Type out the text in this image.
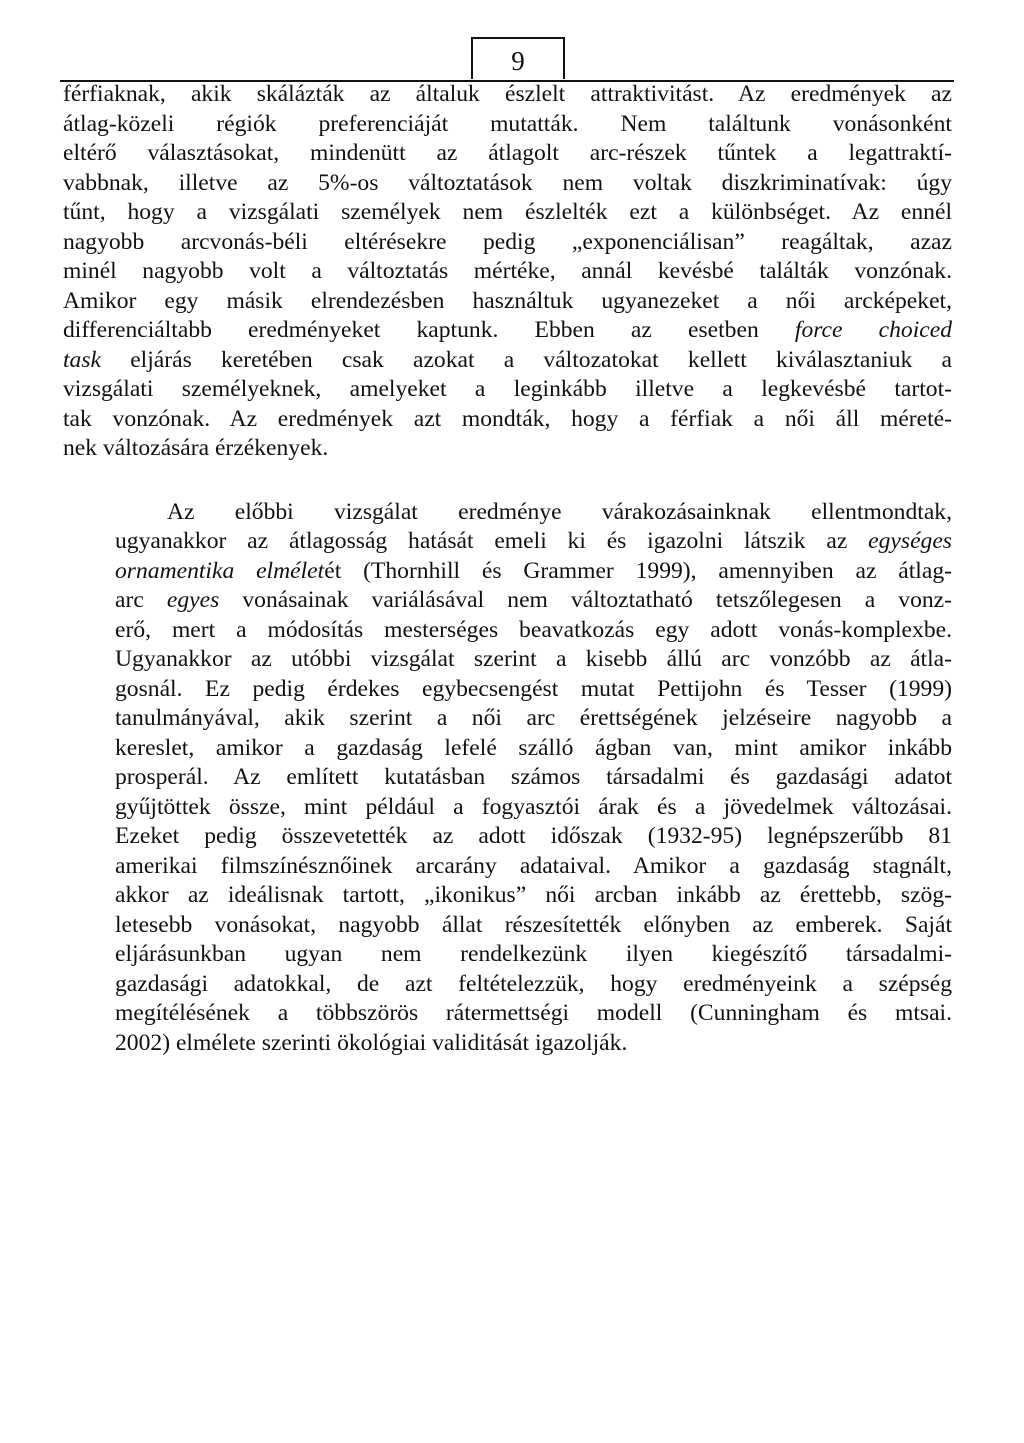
9

férfiaknak, akik skálázták az általuk észlelt attraktivitást. Az eredmények az
átlag-közeli régiók preferenciáját mutatták. Nem találtunk vonásonként
eltérő választásokat, mindenütt az átlagolt arc-részek tűntek a legattraktí-
vabbnak, illetve az 5%-os változtatások nem voltak diszkriminatívak: úgy
tűnt, hogy a vizsgálati személyek nem észlelték ezt a különbséget. Az ennél
nagyobb arcvonás-béli eltérésekre pedig „exponenciálisan” reagáltak, azaz
minél nagyobb volt a változtatás mértéke, annál kevésbé találták vonzónak.
Amikor egy másik elrendezésben használtuk ugyanezeket a női arcképeket,
differenciáltabb eredményeket kaptunk. Ebben az esetben force choiced
task eljárás keretében csak azokat a változatokat kellett kiválasztaniuk a
vizsgálati személyeknek, amelyeket a leginkább illetve a legkevésbé tartot-
tak vonzónak. Az eredmények azt mondták, hogy a férfiak a női áll méreté-
nek változására érzékenyek.

Az előbbi vizsgálat eredménye várakozásainknak ellentmondtak,
ugyanakkor az átlagosság hatását emeli ki és igazolni látszik az egységes
ornamentika elméletét (Thornhill és Grammer 1999), amennyiben az átlag-
arc egyes vonásainak variálásával nem változtatható tetszőlegesen a vonz-
erő, mert a módosítás mesterséges beavatkozás egy adott vonás-komplexbe.
Ugyanakkor az utóbbi vizsgálat szerint a kisebb állú arc vonzóbb az átla-
gosnál. Ez pedig érdekes egybecsengést mutat Pettijohn és Tesser (1999)
tanulmányával, akik szerint a női arc érettségének jelzéseire nagyobb a
kereslet, amikor a gazdaság lefelé szálló ágban van, mint amikor inkább
prosperál. Az említett kutatásban számos társadalmi és gazdasági adatot
gyűjtöttek össze, mint például a fogyasztói árak és a jövedelmek változásai.
Ezeket pedig összevetették az adott időszak (1932-95) legnépszerűbb 81
amerikai filmszínésznőinek arcarány adataival. Amikor a gazdaság stagnált,
akkor az ideálisnak tartott, „ikonikus” női arcban inkább az érettebb, szög-
letesebb vonásokat, nagyobb állat részesítették előnyben az emberek. Saját
eljárásunkban ugyan nem rendelkezünk ilyen kiegészítő társadalmi-
gazdasági adatokkal, de azt feltételezzük, hogy eredményeink a szépség
megítélésének a többszörös rátermettségi modell (Cunningham és mtsai.
2002) elmélete szerinti ökológiai validitását igazolják.
